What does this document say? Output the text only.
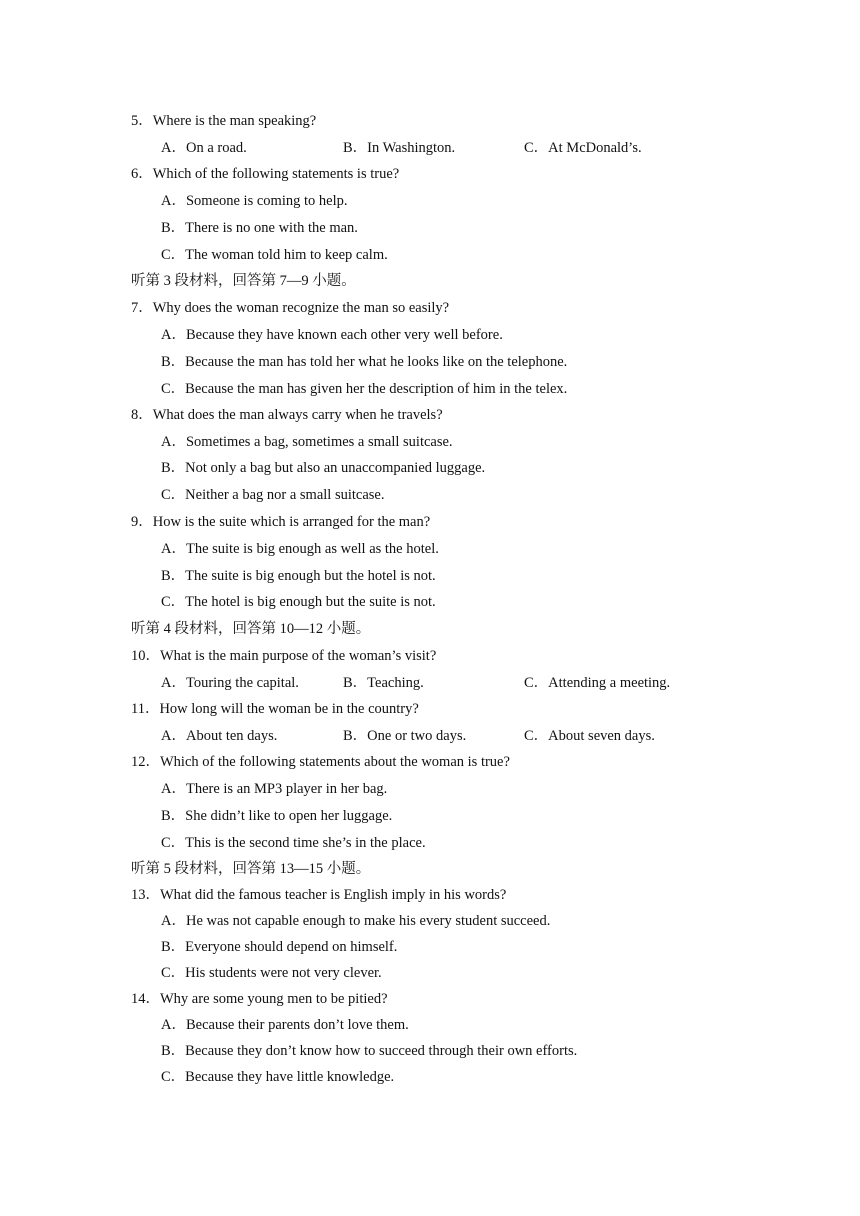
5．Where is the man speaking?
A．On a road.	B．In Washington.	C．At McDonald’s.
6．Which of the following statements is true?
A．Someone is coming to help.
B．There is no one with the man.
C．The woman told him to keep calm.
听第 3 段材料，回答第 7—9 小题。
7．Why does the woman recognize the man so easily?
A．Because they have known each other very well before.
B．Because the man has told her what he looks like on the telephone.
C．Because the man has given her the description of him in the telex.
8．What does the man always carry when he travels?
A．Sometimes a bag, sometimes a small suitcase.
B．Not only a bag but also an unaccompanied luggage.
C．Neither a bag nor a small suitcase.
9．How is the suite which is arranged for the man?
A．The suite is big enough as well as the hotel.
B．The suite is big enough but the hotel is not.
C．The hotel is big enough but the suite is not.
听第 4 段材料，回答第 10—12 小题。
10．What is the main purpose of the woman’s visit?
A．Touring the capital.	B．Teaching.	C．Attending a meeting.
11．How long will the woman be in the country?
A．About ten days.	B．One or two days.	C．About seven days.
12．Which of the following statements about the woman is true?
A．There is an MP3 player in her bag.
B．She didn’t like to open her luggage.
C．This is the second time she’s in the place.
听第 5 段材料，回答第 13—15 小题。
13．What did the famous teacher is English imply in his words?
A．He was not capable enough to make his every student succeed.
B．Everyone should depend on himself.
C．His students were not very clever.
14．Why are some young men to be pitied?
A．Because their parents don’t love them.
B．Because they don’t know how to succeed through their own efforts.
C．Because they have little knowledge.
